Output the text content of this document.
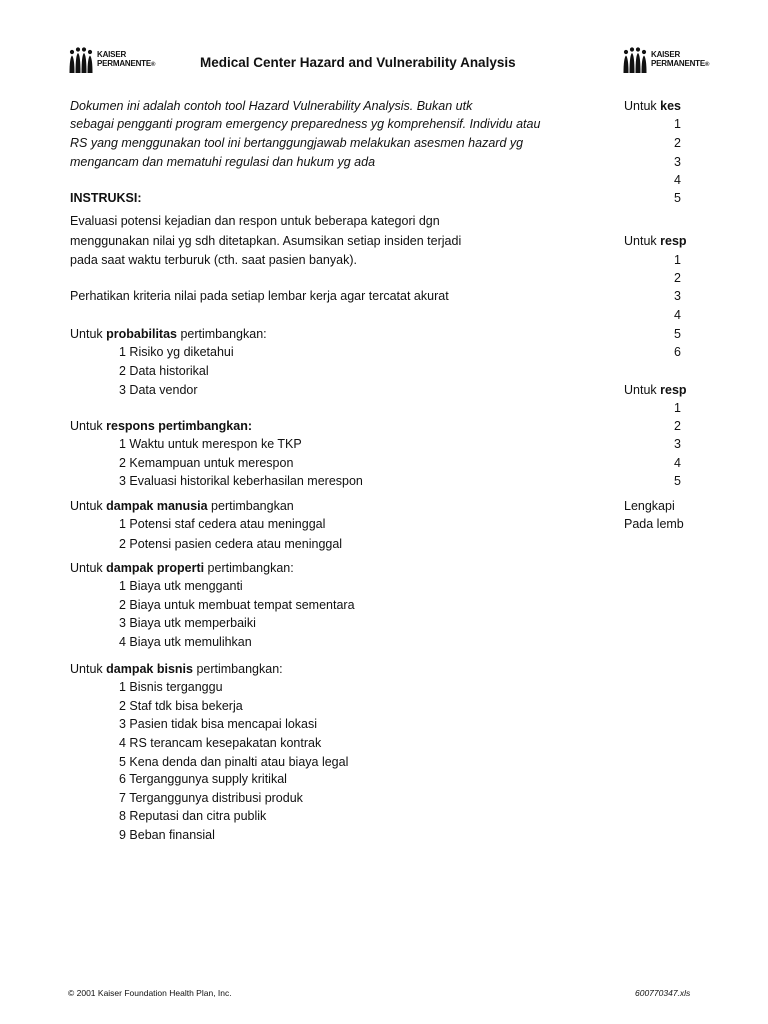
KAISER
PERMANENTE®	Medical Center Hazard and Vulnerability Analysis
KAISER
PERMANENTE®
Dokumen ini adalah contoh tool Hazard Vulnerability Analysis. Bukan utk
sebagai pengganti program emergency preparedness yg komprehensif. Individu atau
RS yang menggunakan tool ini bertanggungjawab melakukan asesmen hazard yg
mengancam dan mematuhi regulasi dan hukum yg ada
INSTRUKSI:
Evaluasi potensi kejadian dan respon untuk beberapa kategori dgn
menggunakan nilai yg sdh ditetapkan. Asumsikan setiap insiden terjadi
pada saat waktu terburuk (cth. saat pasien banyak).
Perhatikan kriteria nilai pada setiap lembar kerja agar tercatat akurat
Untuk probabilitas pertimbangkan:
1 Risiko yg diketahui
2 Data historikal
3 Data vendor
Untuk respons pertimbangkan:
1 Waktu untuk merespon ke TKP
2 Kemampuan untuk merespon
3 Evaluasi historikal keberhasilan merespon
Untuk dampak manusia pertimbangkan
1 Potensi staf cedera atau meninggal
2 Potensi pasien cedera atau meninggal
Untuk dampak properti pertimbangkan:
1 Biaya utk mengganti
2 Biaya untuk membuat tempat sementara
3 Biaya utk memperbaiki
4 Biaya utk memulihkan
Untuk dampak bisnis pertimbangkan:
1 Bisnis terganggu
2 Staf tdk bisa bekerja
3 Pasien tidak bisa mencapai lokasi
4 RS terancam kesepakatan kontrak
5 Kena denda dan pinalti atau biaya legal
6 Terganggunya supply kritikal
7 Terganggunya distribusi produk
8 Reputasi dan citra publik
9 Beban finansial
Untuk kes
1
2
3
4
5
Untuk resp
1
2
3
4
5
6
Untuk resp
1
2
3
4
5
Lengkapi
Pada lemb
© 2001 Kaiser Foundation Health Plan, Inc.	600770347.xls
